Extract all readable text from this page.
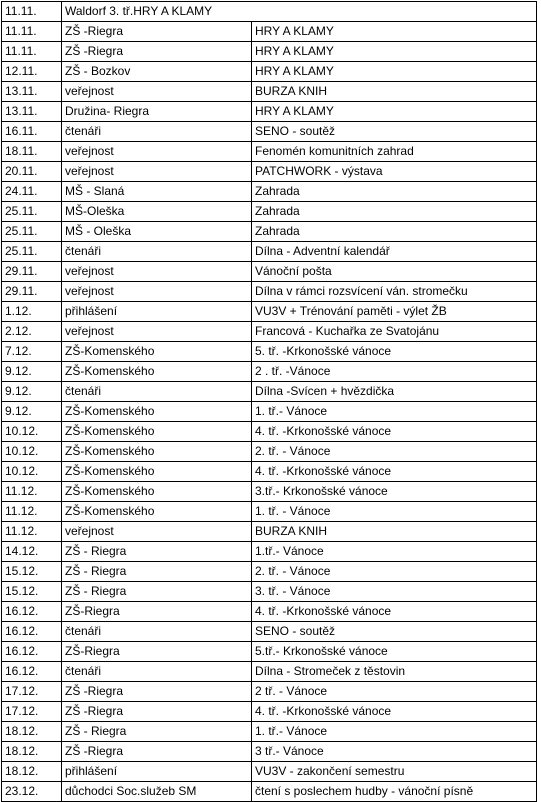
11.11.	Waldorf 3. tř.HRY A KLAMY	
11.11.	ZŠ -Riegra	HRY A KLAMY
11.11.	ZŠ -Riegra	HRY A KLAMY
12.11.	ZŠ - Bozkov	HRY A KLAMY
13.11.	veřejnost	BURZA KNIH
13.11.	Družina- Riegra	HRY A KLAMY
16.11.	čtenáři	SENO - soutěž
18.11.	veřejnost	Fenomén komunitních zahrad
20.11.	veřejnost	PATCHWORK - výstava
24.11.	MŠ - Slaná	Zahrada
25.11.	MŠ-Oleška	Zahrada
25.11.	MŠ - Oleška	Zahrada
25.11.	čtenáři	Dílna - Adventní kalendář
29.11.	veřejnost	Vánoční pošta
29.11.	veřejnost	Dílna v rámci rozsvícení ván. stromečku
1.12.	přihlášení	VU3V + Trénování paměti - výlet ŽB
2.12.	veřejnost	Francová - Kuchařka ze Svatojánu
7.12.	ZŠ-Komenského	5. tř. -Krkonošské vánoce
9.12.	ZŠ-Komenského	2 . tř. -Vánoce
9.12.	čtenáři	Dílna -Svícen + hvězdička
9.12.	ZŠ-Komenského	1. tř.- Vánoce
10.12.	ZŠ-Komenského	4. tř. -Krkonošské vánoce
10.12.	ZŠ-Komenského	2. tř. - Vánoce
10.12.	ZŠ-Komenského	4. tř. -Krkonošské vánoce
11.12.	ZŠ-Komenského	3.tř.- Krkonošské vánoce
11.12.	ZŠ-Komenského	1. tř. - Vánoce
11.12.	veřejnost	BURZA KNIH
14.12.	ZŠ - Riegra	1.tř.- Vánoce
15.12.	ZŠ - Riegra	2. tř. - Vánoce
15.12.	ZŠ - Riegra	3. tř. - Vánoce
16.12.	ZŠ-Riegra	4. tř. -Krkonošské vánoce
16.12.	čtenáři	SENO - soutěž
16.12.	ZŠ-Riegra	5.tř.- Krkonošské vánoce
16.12.	čtenáři	Dílna - Stromeček z těstovin
17.12.	ZŠ -Riegra	2 tř. - Vánoce
17.12.	ZŠ -Riegra	4. tř. -Krkonošské vánoce
18.12.	ZŠ - Riegra	1. tř.- Vánoce
18.12.	ZŠ -Riegra	3 tř.- Vánoce
18.12.	přihlášení	VU3V - zakončení semestru
23.12.	důchodci Soc.služeb SM	čtení s poslechem hudby - vánoční písně
